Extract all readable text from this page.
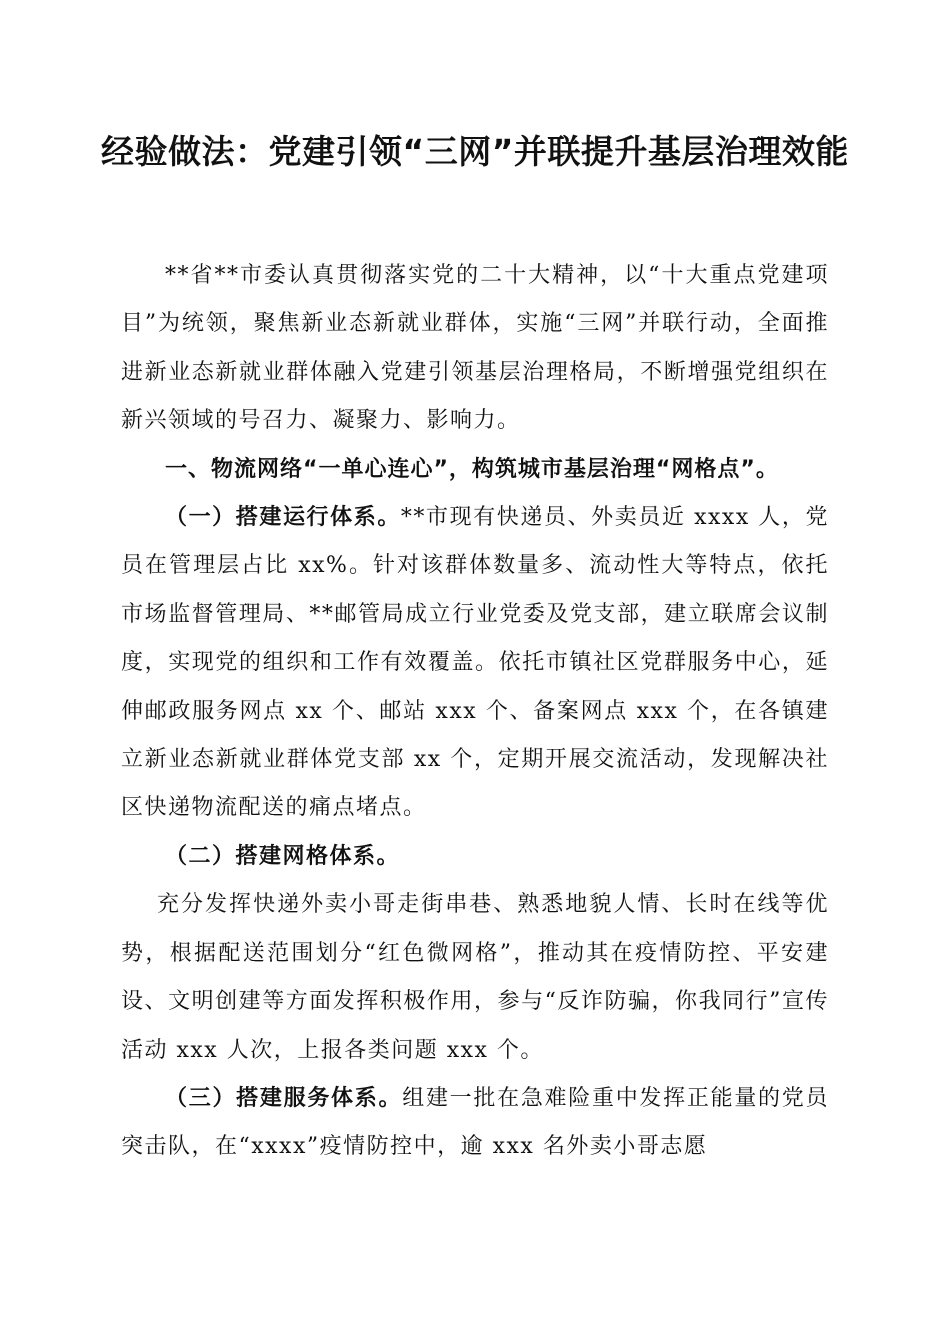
经验做法：党建引领“三网”并联提升基层治理效能

**省**市委认真贯彻落实党的二十大精神，以“十大重点党建项目”为统领，聚焦新业态新就业群体，实施“三网”并联行动，全面推进新业态新就业群体融入党建引领基层治理格局，不断增强党组织在新兴领域的号召力、凝聚力、影响力。

一、物流网络“一单心连心”，构筑城市基层治理“网格点”。

（一）搭建运行体系。**市现有快递员、外卖员近 xxxx 人，党员在管理层占比 xx%。针对该群体数量多、流动性大等特点，依托市场监督管理局、**邮管局成立行业党委及党支部，建立联席会议制度，实现党的组织和工作有效覆盖。依托市镇社区党群服务中心，延伸邮政服务网点 xx 个、邮站 xxx 个、备案网点 xxx 个，在各镇建立新业态新就业群体党支部 xx 个，定期开展交流活动，发现解决社区快递物流配送的痛点堵点。

（二）搭建网格体系。

充分发挥快递外卖小哥走街串巷、熟悉地貌人情、长时在线等优势，根据配送范围划分“红色微网格”，推动其在疫情防控、平安建设、文明创建等方面发挥积极作用，参与“反诈防骗，你我同行”宣传活动 xxx 人次，上报各类问题 xxx 个。

（三）搭建服务体系。组建一批在急难险重中发挥正能量的党员突击队，在“xxxx”疫情防控中，逾 xxx 名外卖小哥志愿
